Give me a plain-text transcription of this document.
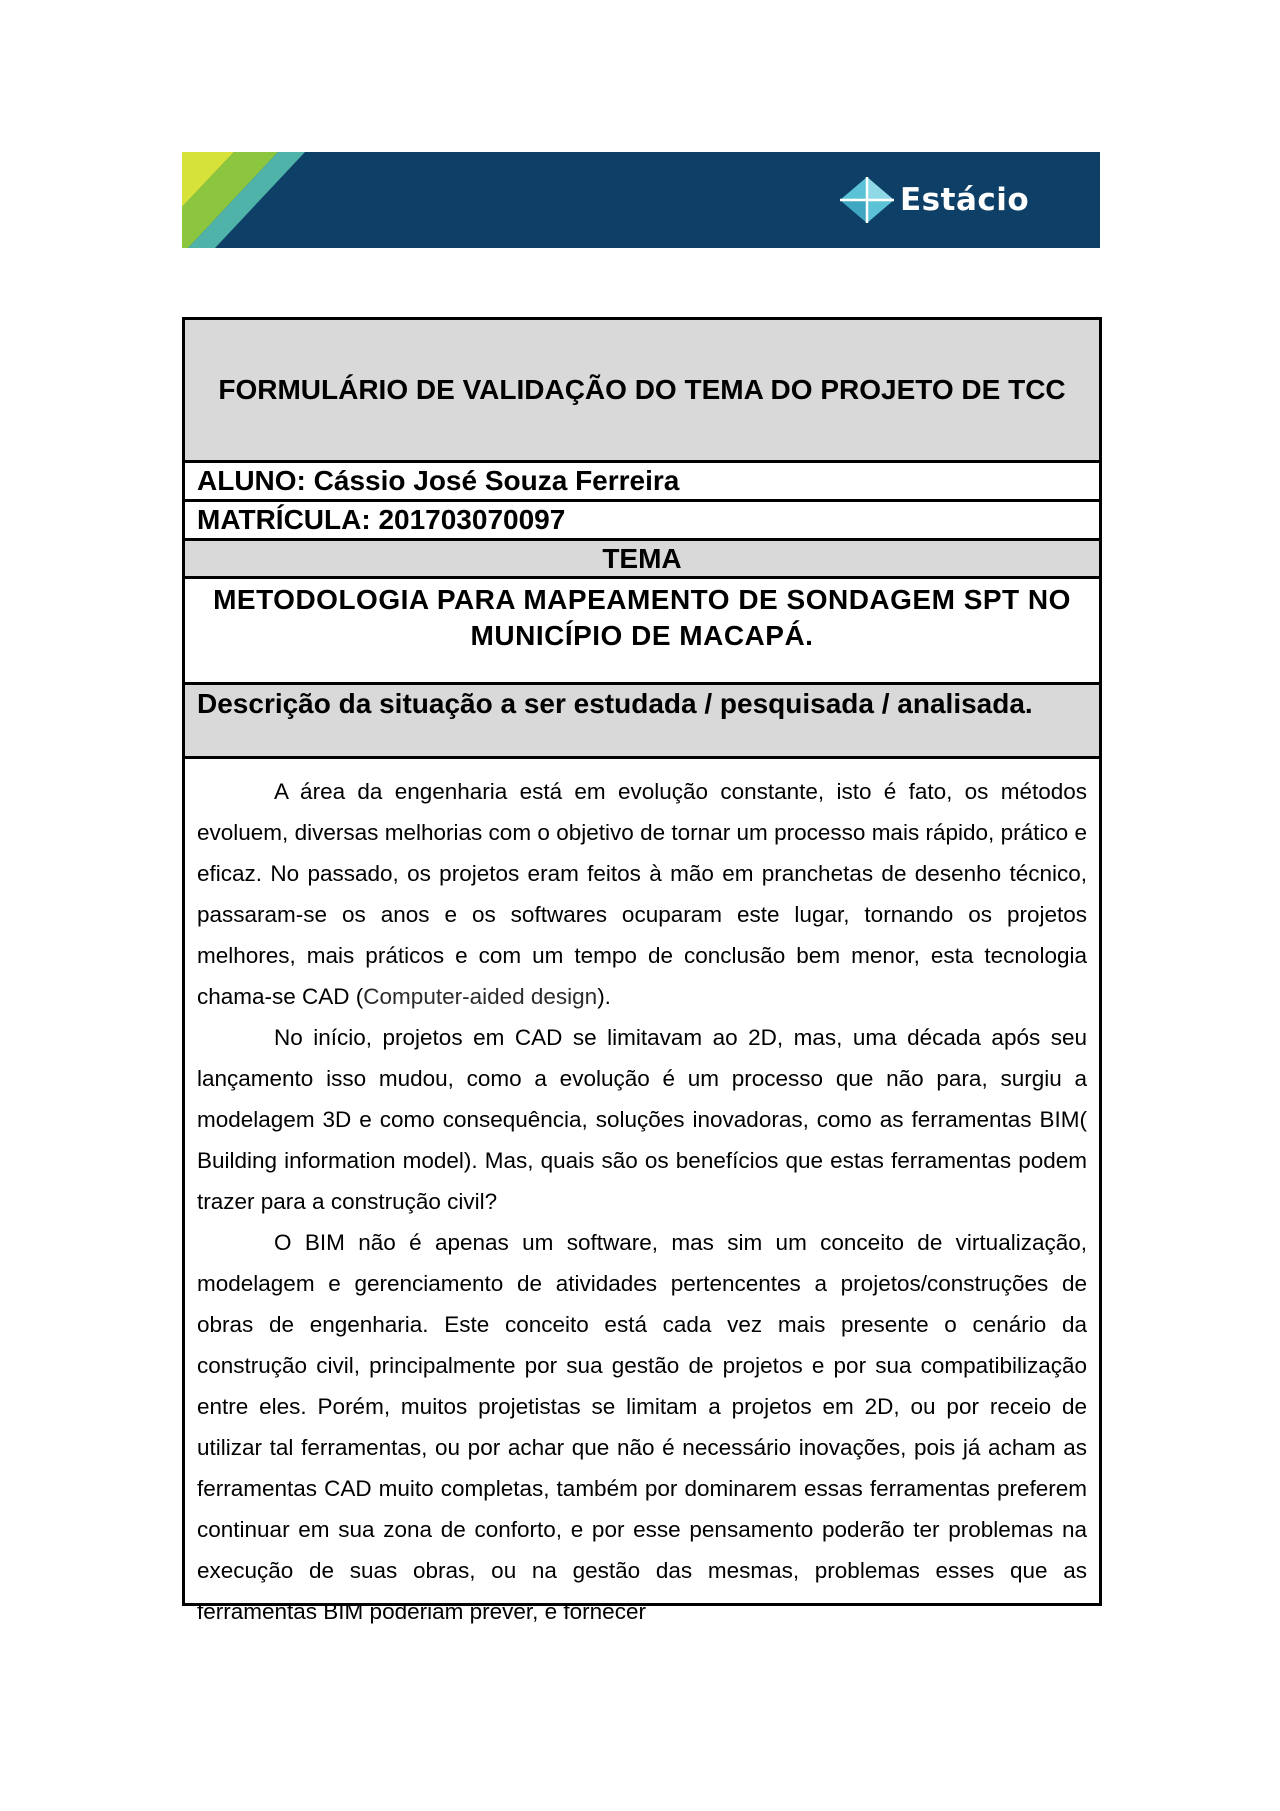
Estácio
FORMULÁRIO DE VALIDAÇÃO DO TEMA DO PROJETO DE TCC
ALUNO: Cássio José Souza Ferreira
MATRÍCULA: 201703070097
TEMA
METODOLOGIA PARA MAPEAMENTO DE SONDAGEM SPT NO MUNICÍPIO DE MACAPÁ.
Descrição da situação a ser estudada / pesquisada / analisada.

A área da engenharia está em evolução constante, isto é fato, os métodos evoluem, diversas melhorias com o objetivo de tornar um processo mais rápido, prático e eficaz. No passado, os projetos eram feitos à mão em pranchetas de desenho técnico, passaram-se os anos e os softwares ocuparam este lugar, tornando os projetos melhores, mais práticos e com um tempo de conclusão bem menor, esta tecnologia chama-se CAD (Computer-aided design).

No início, projetos em CAD se limitavam ao 2D, mas, uma década após seu lançamento isso mudou, como a evolução é um processo que não para, surgiu a modelagem 3D e como consequência, soluções inovadoras, como as ferramentas BIM( Building information model). Mas, quais são os benefícios que estas ferramentas podem trazer para a construção civil?

O BIM não é apenas um software, mas sim um conceito de virtualização, modelagem e gerenciamento de atividades pertencentes a projetos/construções de obras de engenharia. Este conceito está cada vez mais presente o cenário da construção civil, principalmente por sua gestão de projetos e por sua compatibilização entre eles. Porém, muitos projetistas se limitam a projetos em 2D, ou por receio de utilizar tal ferramentas, ou por achar que não é necessário inovações, pois já acham as ferramentas CAD muito completas, também por dominarem essas ferramentas preferem continuar em sua zona de conforto, e por esse pensamento poderão ter problemas na execução de suas obras, ou na gestão das mesmas, problemas esses que as ferramentas BIM poderiam prever, e fornecer
